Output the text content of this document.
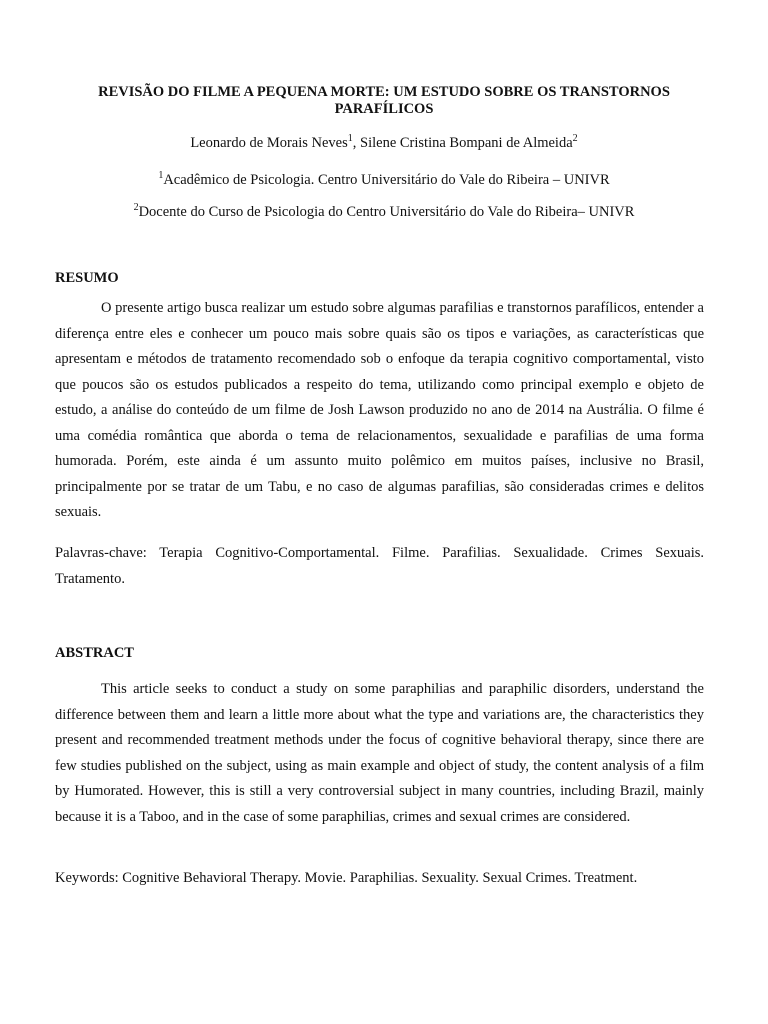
REVISÃO DO FILME A PEQUENA MORTE: UM ESTUDO SOBRE OS TRANSTORNOS PARAFÍLICOS
Leonardo de Morais Neves$^1$, Silene Cristina Bompani de Almeida$^2$
$^1$Acadêmico de Psicologia. Centro Universitário do Vale do Ribeira – UNIVR
$^2$Docente do Curso de Psicologia do Centro Universitário do Vale do Ribeira– UNIVR
RESUMO

O presente artigo busca realizar um estudo sobre algumas parafilias e transtornos parafílicos, entender a diferença entre eles e conhecer um pouco mais sobre quais são os tipos e variações, as características que apresentam e métodos de tratamento recomendado sob o enfoque da terapia cognitivo comportamental, visto que poucos são os estudos publicados a respeito do tema, utilizando como principal exemplo e objeto de estudo, a análise do conteúdo de um filme de Josh Lawson produzido no ano de 2014 na Austrália. O filme é uma comédia romântica que aborda o tema de relacionamentos, sexualidade e parafilias de uma forma humorada. Porém, este ainda é um assunto muito polêmico em muitos países, inclusive no Brasil, principalmente por se tratar de um Tabu, e no caso de algumas parafilias, são consideradas crimes e delitos sexuais.

Palavras-chave: Terapia Cognitivo-Comportamental. Filme. Parafilias. Sexualidade. Crimes Sexuais. Tratamento.

ABSTRACT

This article seeks to conduct a study on some paraphilias and paraphilic disorders, understand the difference between them and learn a little more about what the type and variations are, the characteristics they present and recommended treatment methods under the focus of cognitive behavioral therapy, since there are few studies published on the subject, using as main example and object of study, the content analysis of a film by Humorated. However, this is still a very controversial subject in many countries, including Brazil, mainly because it is a Taboo, and in the case of some paraphilias, crimes and sexual crimes are considered.

Keywords: Cognitive Behavioral Therapy. Movie. Paraphilias. Sexuality. Sexual Crimes. Treatment.
